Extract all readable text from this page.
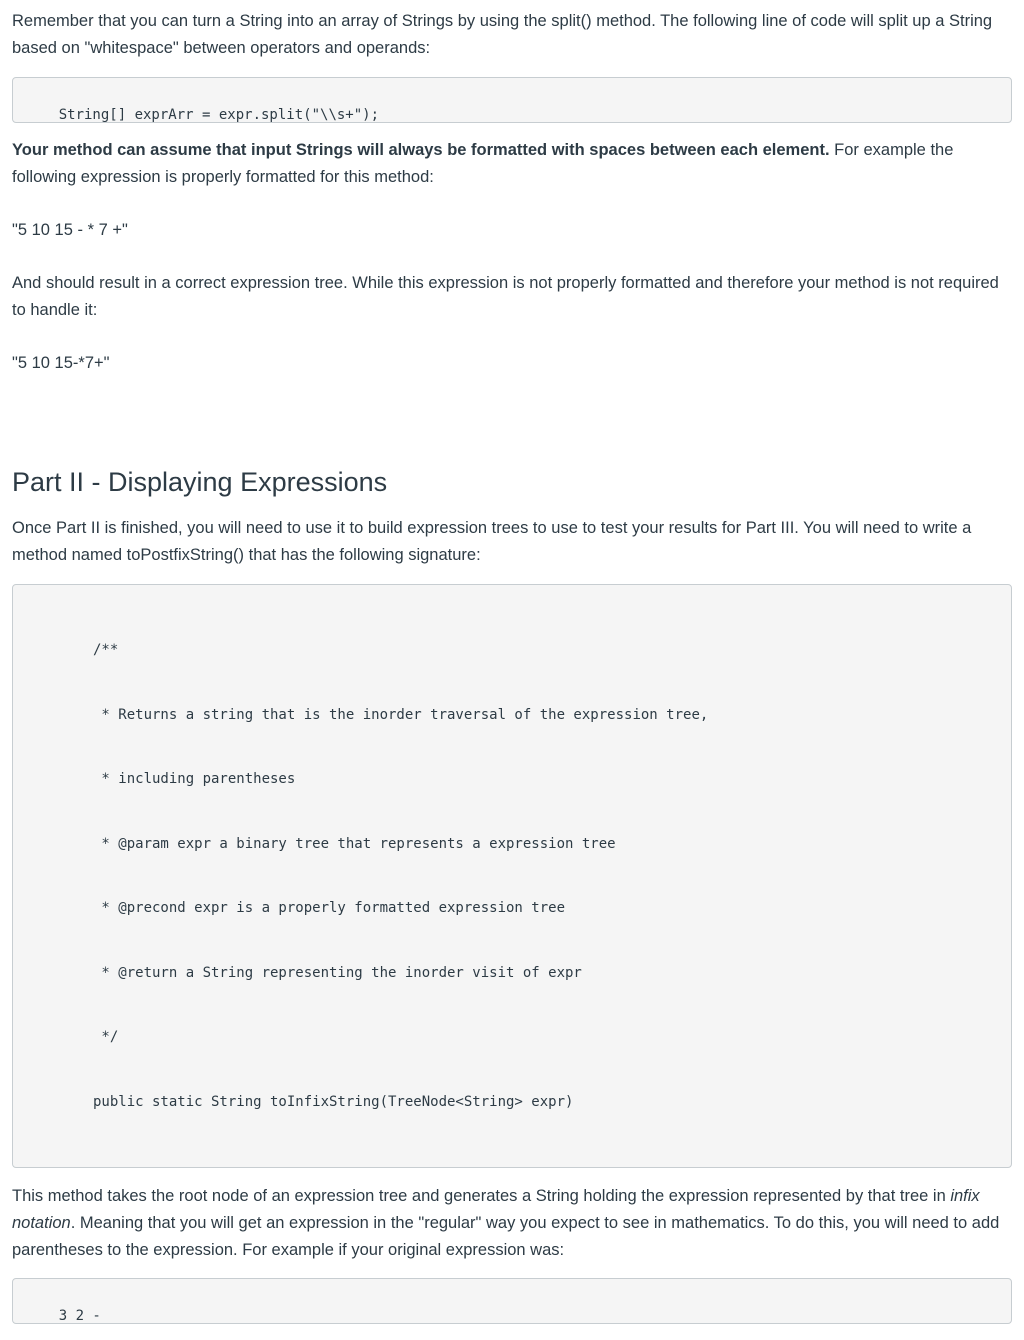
Remember that you can turn a String into an array of Strings by using the split() method. The following line of code will split up a String based on "whitespace" between operators and operands:

String[] exprArr = expr.split("\\s+");

Your method can assume that input Strings will always be formatted with spaces between each element. For example the following expression is properly formatted for this method:

"5 10 15 - * 7 +"

And should result in a correct expression tree. While this expression is not properly formatted and therefore your method is not required to handle it:

"5 10 15-*7+"

Part II - Displaying Expressions

Once Part II is finished, you will need to use it to build expression trees to use to test your results for Part III. You will need to write a method named toPostfixString() that has the following signature:

/**

* Returns a string that is the inorder traversal of the expression tree,

* including parentheses

* @param expr a binary tree that represents a expression tree

* @precond expr is a properly formatted expression tree

* @return a String representing the inorder visit of expr

*/

public static String toInfixString(TreeNode<String> expr)

This method takes the root node of an expression tree and generates a String holding the expression represented by that tree in infix notation. Meaning that you will get an expression in the "regular" way you expect to see in mathematics. To do this, you will need to add parentheses to the expression. For example if your original expression was:

3 2 -
